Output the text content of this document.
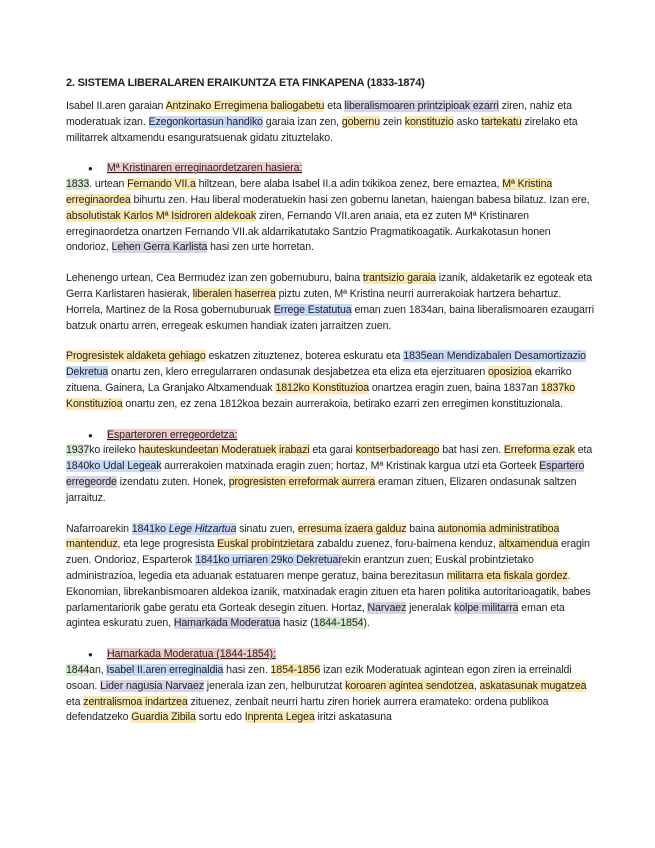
2. SISTEMA LIBERALAREN ERAIKUNTZA ETA FINKAPENA (1833-1874)

Isabel II.aren garaian Antzinako Erregimena baliogabetu eta liberalismoaren printzipioak ezarri ziren, nahiz eta moderatuak izan. Ezegonkortasun handiko garaia izan zen, gobernu zein konstituzio asko tartekatu zirelako eta militarrek altxamendu esanguratsuenak gidatu zituztelako.

● Mª Kristinaren erreginaordetzaren hasiera:

1833. urtean Fernando VII.a hiltzean, bere alaba Isabel II.a adin txikikoa zenez, bere emaztea, Mª Kristina erreginaordea bihurtu zen. Hau liberal moderatuekin hasi zen gobernu lanetan, haiengan babesa bilatuz. Izan ere, absolutistak Karlos Mª Isidroren aldekoak ziren, Fernando VII.aren anaia, eta ez zuten Mª Kristinaren erreginaordetza onartzen Fernando VII.ak aldarrikatutako Santzio Pragmatikoagatik. Aurkakotasun honen ondorioz, Lehen Gerra Karlista hasi zen urte horretan.

Lehenengo urtean, Cea Bermudez izan zen gobernuburu, baina trantsizio garaia izanik, aldaketarik ez egoteak eta Gerra Karlistaren hasierak, liberalen haserrea piztu zuten, Mª Kristina neurri aurrerakoiak hartzera behartuz. Horrela, Martinez de la Rosa gobernuburuak Errege Estatutua eman zuen 1834an, baina liberalismoaren ezaugarri batzuk onartu arren, erregeak eskumen handiak izaten jarraitzen zuen.

Progresistek aldaketa gehiago eskatzen zituztenez, boterea eskuratu eta 1835ean Mendizabalen Desamortizazio Dekretua onartu zen, klero erregularraren ondasunak desjabetzea eta eliza eta ejerzituaren oposizioa ekarriko zituena. Gainera, La Granjako Altxamenduak 1812ko Konstituzioa onartzea eragin zuen, baina 1837an 1837ko Konstituzioa onartu zen, ez zena 1812koa bezain aurrerakoia, betirako ezarri zen erregimen konstituzionala.

● Esparteroren erregeordetza:

1937ko ireileko hauteskundeetan Moderatuek irabazi eta garai kontserbadoreago bat hasi zen. Erreforma ezak eta 1840ko Udal Legeak aurrerakoien matxinada eragin zuen; hortaz, Mª Kristinak kargua utzi eta Gorteek Espartero erregeorde izendatu zuten. Honek, progresisten erreformak aurrera eraman zituen, Elizaren ondasunak saltzen jarraituz.

Nafarroarekin 1841ko Lege Hitzartua sinatu zuen, erresuma izaera galduz baina autonomia administratiboa mantenduz, eta lege progresista Euskal probintzietara zabaldu zuenez, foru-baimena kenduz, altxamendua eragin zuen. Ondorioz, Esparterok 1841ko urriaren 29ko Dekretuarekin erantzun zuen; Euskal probintzietako administrazioa, legedia eta aduanak estatuaren menpe geratuz, baina berezitasun militarra eta fiskala gordez.

Ekonomian, librekanbismoaren aldekoa izanik, matxinadak eragin zituen eta haren politika autoritarioagatik, babes parlamentariorik gabe geratu eta Gorteak desegin zituen. Hortaz, Narvaez jeneralak kolpe militarra eman eta agintea eskuratu zuen, Hamarkada Moderatua hasiz (1844-1854).

● Hamarkada Moderatua (1844-1854):

1844an, Isabel II.aren erreginaldia hasi zen. 1854-1856 izan ezik Moderatuak agintean egon ziren ia erreinaldi osoan. Lider nagusia Narvaez jenerala izan zen, helburutzat koroaren agintea sendotzea, askatasunak mugatzea eta zentralismoa indartzea zituenez, zenbait neurri hartu ziren horiek aurrera eramateko: ordena publikoa defendatzeko Guardia Zibila sortu edo Inprenta Legea iritzi askatasuna
